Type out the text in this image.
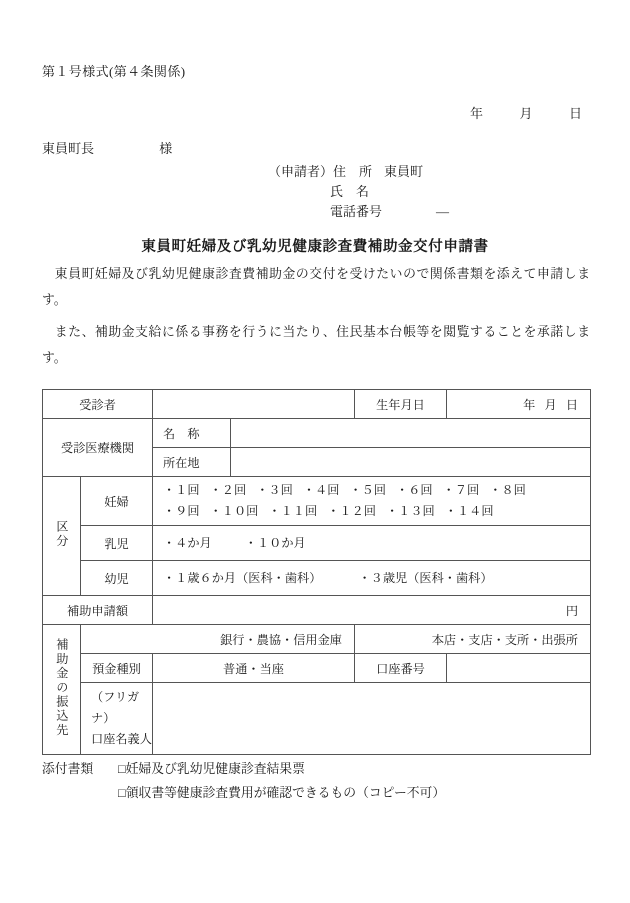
第１号様式(第４条関係)
年	月	日
東員町長	様
（申請者）住　所 東員町
氏　名
電話番号	―
東員町妊婦及び乳幼児健康診査費補助金交付申請書
東員町妊婦及び乳幼児健康診査費補助金の交付を受けたいので関係書類を添えて申請します。
また、補助金支給に係る事務を行うに当たり、住民基本台帳等を閲覧することを承諾します。
受診者				生年月日	年 月 日
受診医療機関		名　称			
		所在地			
区分	妊婦	・１回 ・２回 ・３回 ・４回 ・５回 ・６回 ・７回 ・８回
・９回 ・１０回 ・１１回 ・１２回 ・１３回 ・１４回			

	乳児	・４か月 ・１０か月			
	幼児	・１歳６か月（医科・歯科） ・３歳児（医科・歯科）			
補助申請額		円			
補助金の振込先	銀行・農協・信用金庫			本店・支店・支所・出張所	
	預金種別	普通・当座		口座番号	

	（フリガナ）
口座名義人				

添付書類 □妊婦及び乳幼児健康診査結果票
□領収書等健康診査費用が確認できるもの（コピー不可）
